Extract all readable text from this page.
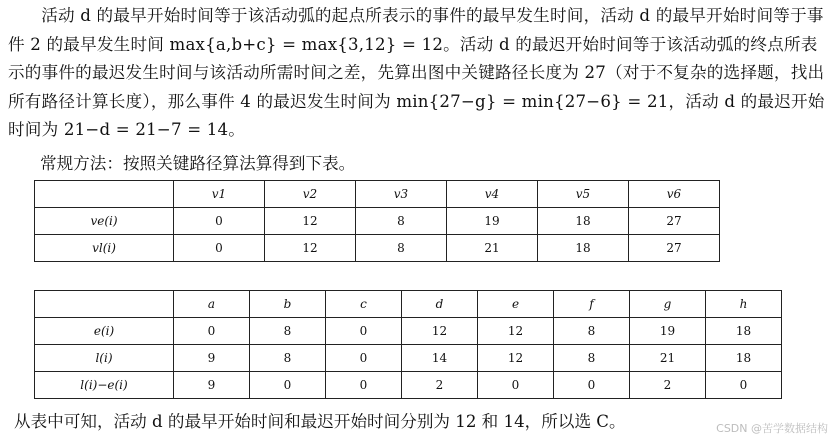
活动 d 的最早开始时间等于该活动弧的起点所表示的事件的最早发生时间，活动 d 的最早开始时间等于事件 2 的最早发生时间 max{a,b+c} = max{3,12} = 12。活动 d 的最迟开始时间等于该活动弧的终点所表示的事件的最迟发生时间与该活动所需时间之差，先算出图中关键路径长度为 27（对于不复杂的选择题，找出所有路径计算长度），那么事件 4 的最迟发生时间为 min{27−g} = min{27−6} = 21，活动 d 的最迟开始时间为 21−d = 21−7 = 14。

常规方法：按照关键路径算法算得到下表。
	v1	v2	v3	v4	v5	v6
ve(i)	0	12	8	19	18	27
vl(i)	0	12	8	21	18	27
	a	b	c	d	e	f	g	h
e(i)	0	8	0	12	12	8	19	18
l(i)	9	8	0	14	12	8	21	18
l(i)−e(i)	9	0	0	2	0	0	2	0
从表中可知，活动 d 的最早开始时间和最迟开始时间分别为 12 和 14，所以选 C。	CSDN @苦学数据结构
